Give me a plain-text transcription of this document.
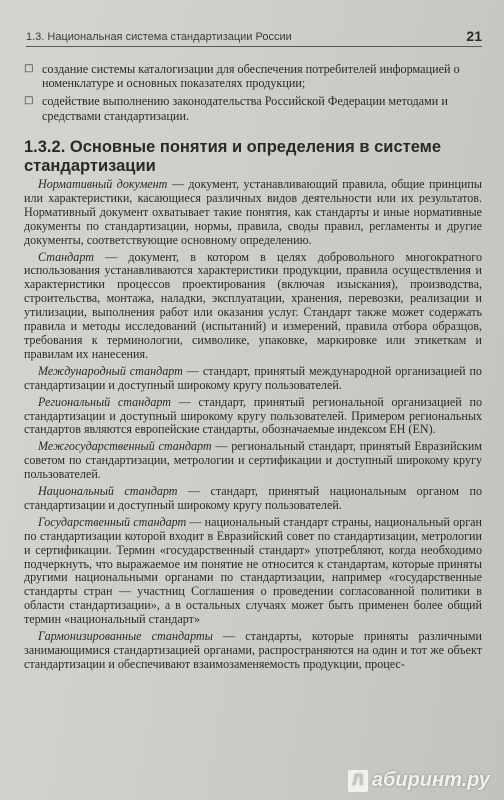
1.3. Национальная система стандартизации России	21
□ создание системы каталогизации для обеспечения потребителей информацией о номенклатуре и основных показателях продукции;
□ содействие выполнению законодательства Российской Федерации методами и средствами стандартизации.
1.3.2. Основные понятия и определения в системе стандартизации

Нормативный документ — документ, устанавливающий правила, общие принципы или характеристики, касающиеся различных видов деятельности или их результатов. Нормативный документ охватывает такие понятия, как стандарты и иные нормативные документы по стандартизации, нормы, правила, своды правил, регламенты и другие документы, соответствующие основному определению.

Стандарт — документ, в котором в целях добровольного многократного использования устанавливаются характеристики продукции, правила осуществления и характеристики процессов проектирования (включая изыскания), производства, строительства, монтажа, наладки, эксплуатации, хранения, перевозки, реализации и утилизации, выполнения работ или оказания услуг. Стандарт также может содержать правила и методы исследований (испытаний) и измерений, правила отбора образцов, требования к терминологии, символике, упаковке, маркировке или этикеткам и правилам их нанесения.

Международный стандарт — стандарт, принятый международной организацией по стандартизации и доступный широкому кругу пользователей.

Региональный стандарт — стандарт, принятый региональной организацией по стандартизации и доступный широкому кругу пользователей. Примером региональных стандартов являются европейские стандарты, обозначаемые индексом ЕН (EN).

Межгосударственный стандарт — региональный стандарт, принятый Евразийским советом по стандартизации, метрологии и сертификации и доступный широкому кругу пользователей.

Национальный стандарт — стандарт, принятый национальным органом по стандартизации и доступный широкому кругу пользователей.

Государственный стандарт — национальный стандарт страны, национальный орган по стандартизации которой входит в Евразийский совет по стандартизации, метрологии и сертификации. Термин «государственный стандарт» употребляют, когда необходимо подчеркнуть, что выражаемое им понятие не относится к стандартам, которые приняты другими национальными органами по стандартизации, например «государственные стандарты стран — участниц Соглашения о проведении согласованной политики в области стандартизации», а в остальных случаях может быть применен более общий термин «национальный стандарт»

Гармонизированные стандарты — стандарты, которые приняты различными занимающимися стандартизацией органами, распространяются на один и тот же объект стандартизации и обеспечивают взаимозаменяемость продукции, процес-

Л абиринт.ру
